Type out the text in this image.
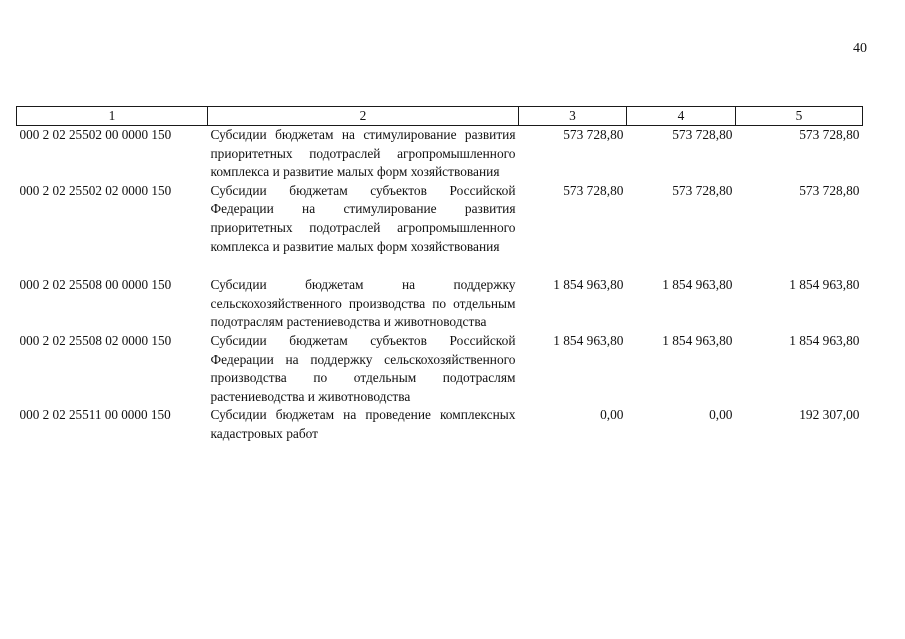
40
1	2	3	4	5
000 2 02 25502 00 0000 150	Субсидии бюджетам на стимулирование развития приоритетных подотраслей агропромышленного комплекса и развитие малых форм хозяйствования	573 728,80	573 728,80	573 728,80
000 2 02 25502 02 0000 150	Субсидии бюджетам субъектов Российской Федерации на стимулирование развития приоритетных подотраслей агропромышленного комплекса и развитие малых форм хозяйствования	573 728,80	573 728,80	573 728,80

000 2 02 25508 00 0000 150	Субсидии бюджетам на поддержку сельскохозяйственного производства по отдельным подотраслям растениеводства и животноводства	1 854 963,80	1 854 963,80	1 854 963,80
000 2 02 25508 02 0000 150	Субсидии бюджетам субъектов Российской Федерации на поддержку сельскохозяйственного производства по отдельным подотраслям растениеводства и животноводства	1 854 963,80	1 854 963,80	1 854 963,80
000 2 02 25511 00 0000 150	Субсидии бюджетам на проведение комплексных кадастровых работ	0,00	0,00	192 307,00
